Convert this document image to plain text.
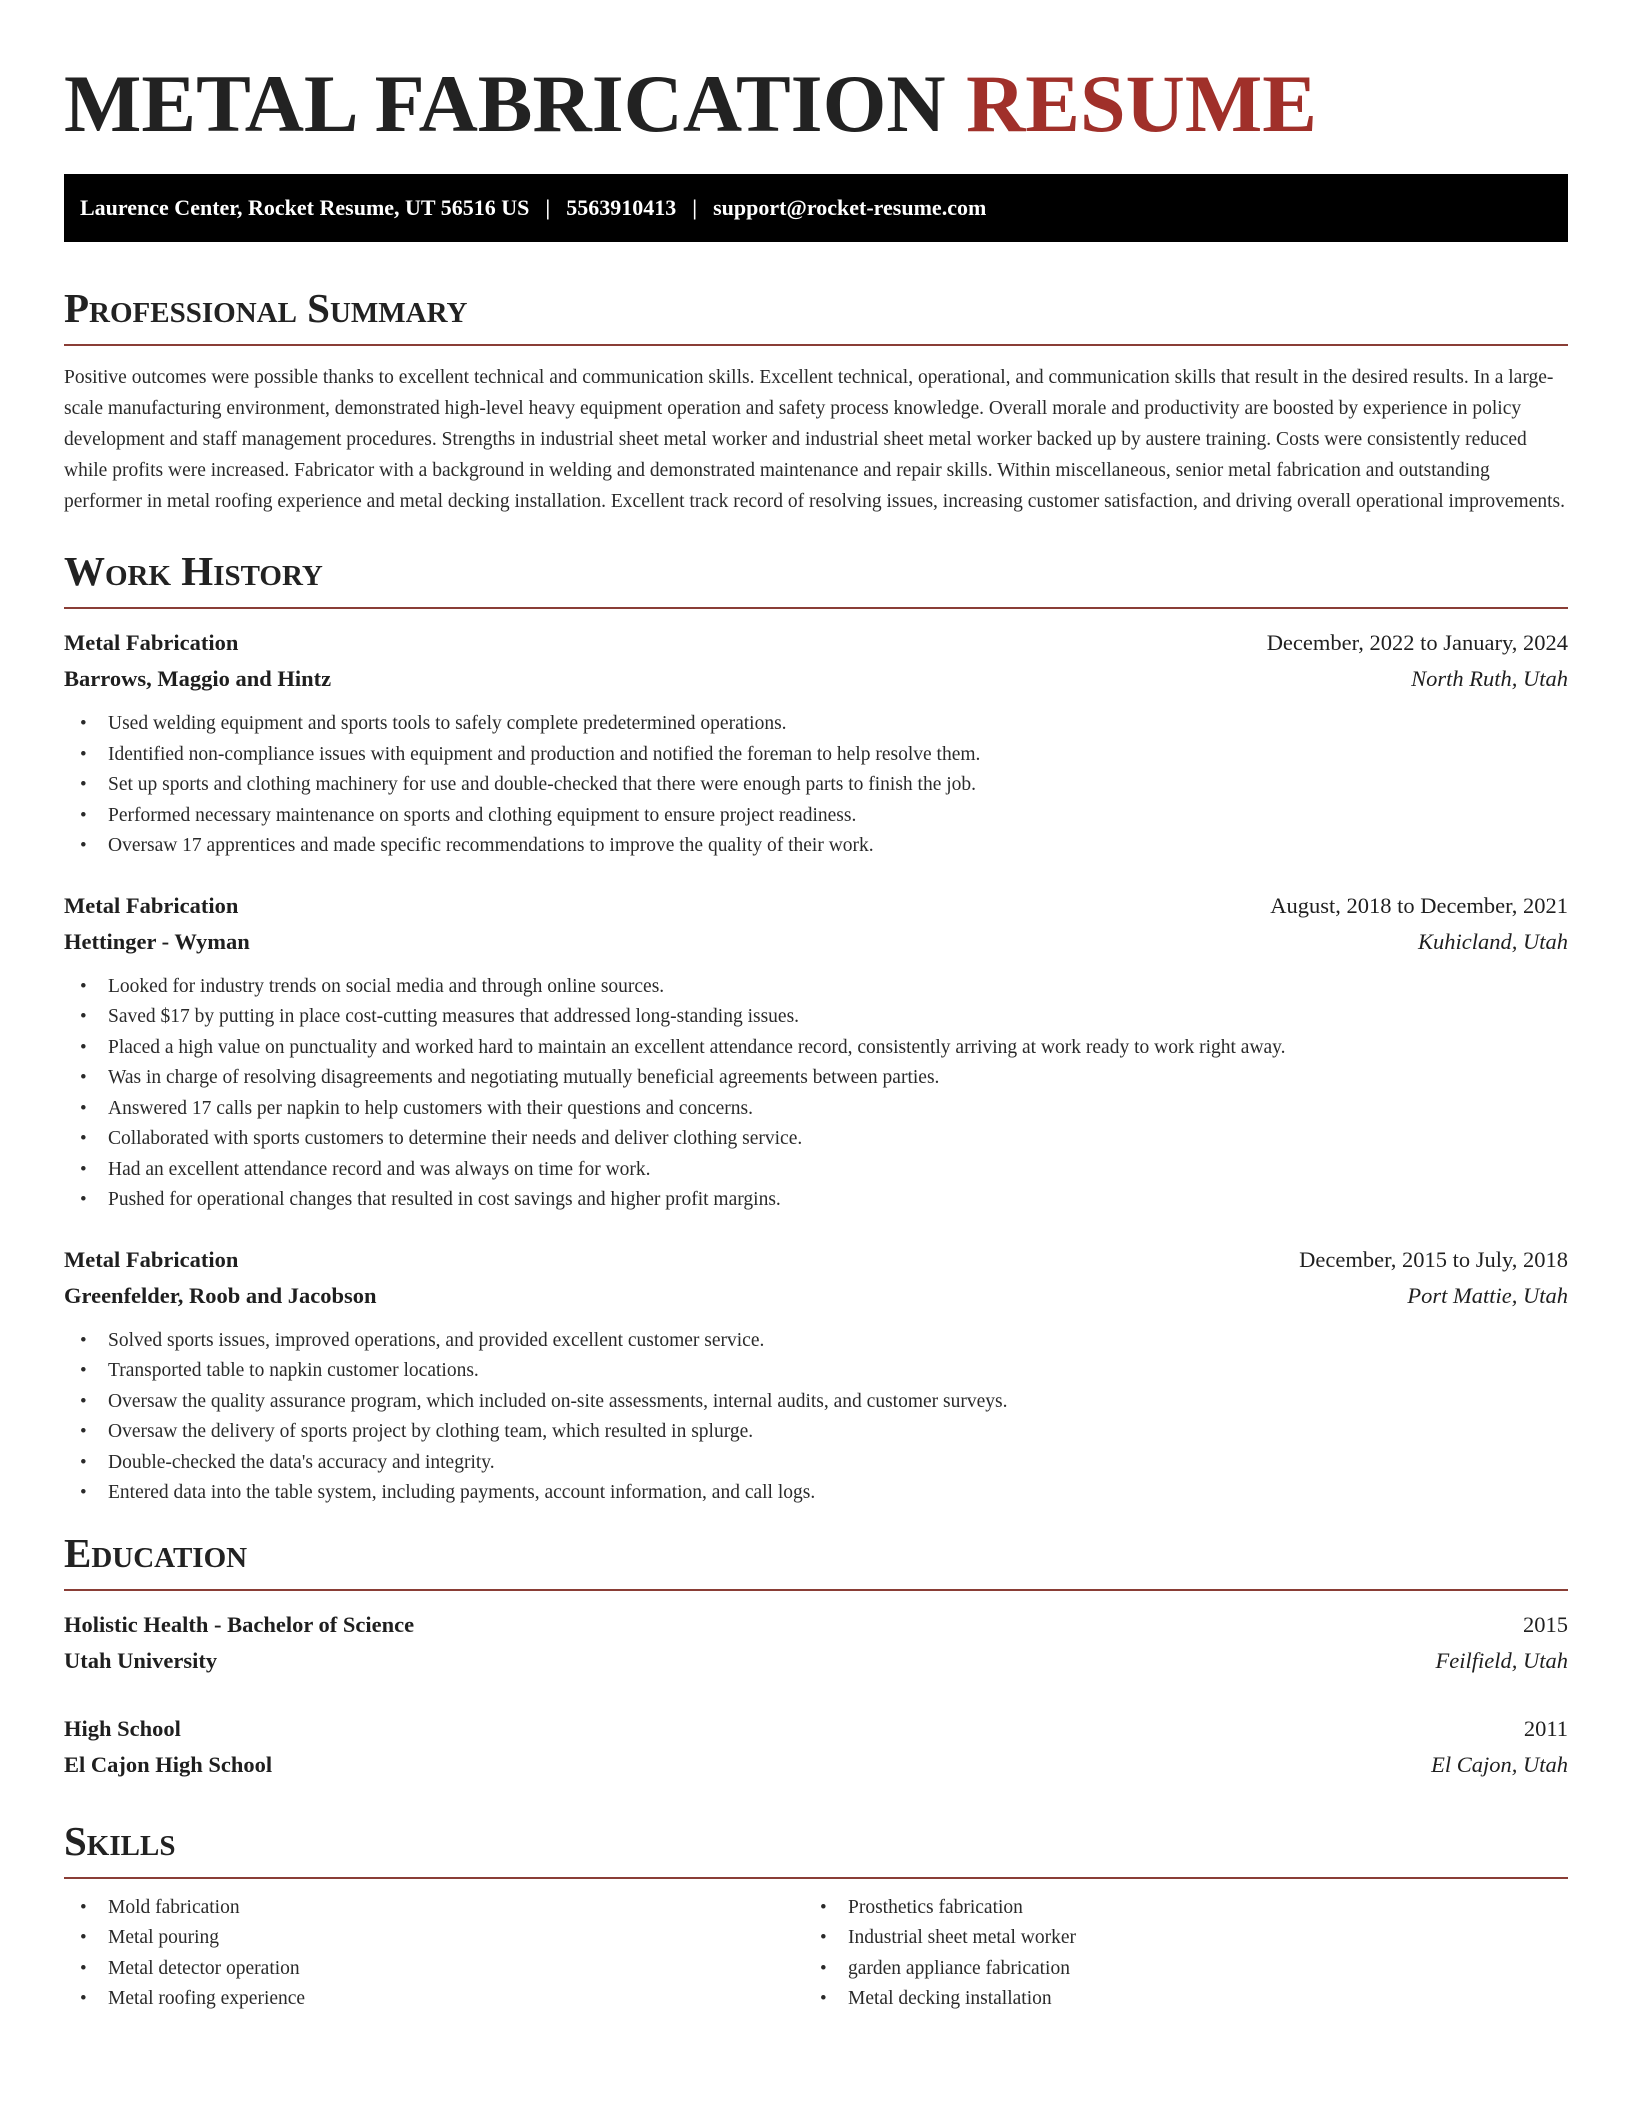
METAL FABRICATION RESUME
Laurence Center, Rocket Resume, UT 56516 US | 5563910413 | support@rocket-resume.com
Professional Summary

Positive outcomes were possible thanks to excellent technical and communication skills. Excellent technical, operational, and communication skills that result in the desired results. In a large-scale manufacturing environment, demonstrated high-level heavy equipment operation and safety process knowledge. Overall morale and productivity are boosted by experience in policy development and staff management procedures. Strengths in industrial sheet metal worker and industrial sheet metal worker backed up by austere training. Costs were consistently reduced while profits were increased. Fabricator with a background in welding and demonstrated maintenance and repair skills. Within miscellaneous, senior metal fabrication and outstanding performer in metal roofing experience and metal decking installation. Excellent track record of resolving issues, increasing customer satisfaction, and driving overall operational improvements.

Work History
Metal Fabrication	December, 2022 to January, 2024
Barrows, Maggio and Hintz	North Ruth, Utah
• Used welding equipment and sports tools to safely complete predetermined operations.
• Identified non-compliance issues with equipment and production and notified the foreman to help resolve them.
• Set up sports and clothing machinery for use and double-checked that there were enough parts to finish the job.
• Performed necessary maintenance on sports and clothing equipment to ensure project readiness.
• Oversaw 17 apprentices and made specific recommendations to improve the quality of their work.
Metal Fabrication	August, 2018 to December, 2021
Hettinger - Wyman	Kuhicland, Utah
• Looked for industry trends on social media and through online sources.
• Saved $17 by putting in place cost-cutting measures that addressed long-standing issues.
• Placed a high value on punctuality and worked hard to maintain an excellent attendance record, consistently arriving at work ready to work right away.
• Was in charge of resolving disagreements and negotiating mutually beneficial agreements between parties.
• Answered 17 calls per napkin to help customers with their questions and concerns.
• Collaborated with sports customers to determine their needs and deliver clothing service.
• Had an excellent attendance record and was always on time for work.
• Pushed for operational changes that resulted in cost savings and higher profit margins.
Metal Fabrication	December, 2015 to July, 2018
Greenfelder, Roob and Jacobson	Port Mattie, Utah
• Solved sports issues, improved operations, and provided excellent customer service.
• Transported table to napkin customer locations.
• Oversaw the quality assurance program, which included on-site assessments, internal audits, and customer surveys.
• Oversaw the delivery of sports project by clothing team, which resulted in splurge.
• Double-checked the data's accuracy and integrity.
• Entered data into the table system, including payments, account information, and call logs.
Education
Holistic Health - Bachelor of Science	2015
Utah University	Feilfield, Utah
High School	2011
El Cajon High School	El Cajon, Utah
Skills
• Mold fabrication
• Metal pouring
• Metal detector operation
• Metal roofing experience
• Prosthetics fabrication
• Industrial sheet metal worker
• garden appliance fabrication
• Metal decking installation
